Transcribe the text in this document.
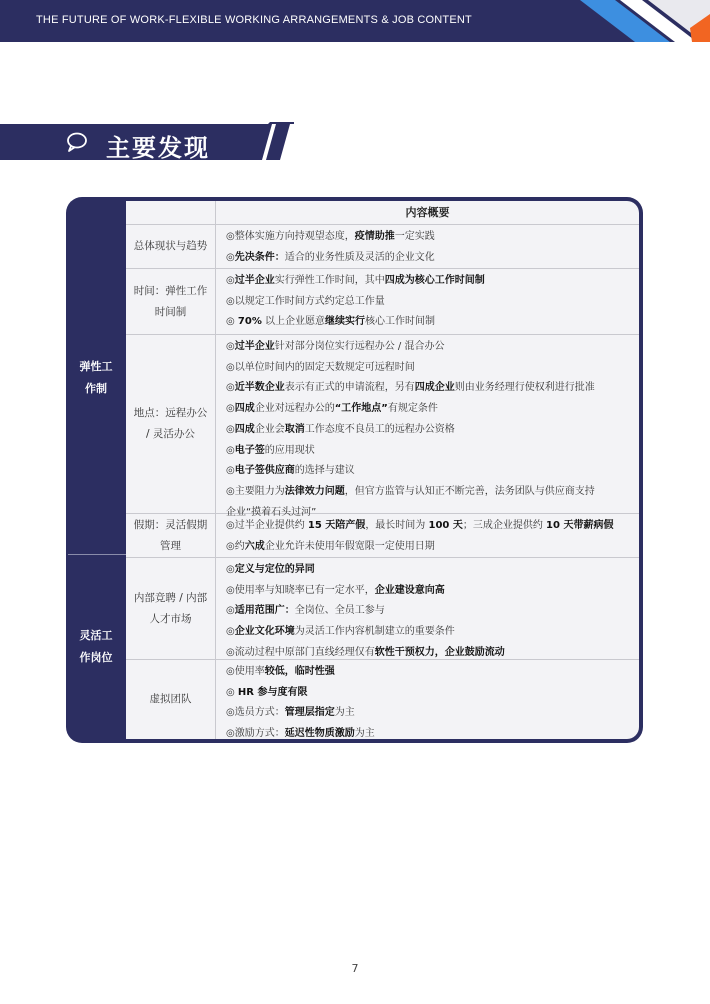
THE FUTURE OF WORK-FLEXIBLE WORKING ARRANGEMENTS & JOB CONTENT
主要发现
弹性工
作制
灵活工
作岗位
内容概要
总体现状与趋势
◎整体实施方向持观望态度，疫情助推一定实践
◎先决条件：适合的业务性质及灵活的企业文化
时间：弹性工作时间制
◎过半企业实行弹性工作时间，其中四成为核心工作时间制
◎以规定工作时间方式约定总工作量
◎ 70% 以上企业愿意继续实行核心工作时间制
地点：远程办公 / 灵活办公
◎过半企业针对部分岗位实行远程办公 / 混合办公
◎以单位时间内的固定天数规定可远程时间
◎近半数企业表示有正式的申请流程，另有四成企业则由业务经理行使权利进行批准
◎四成企业对远程办公的“工作地点”有规定条件
◎四成企业会取消工作态度不良员工的远程办公资格
◎电子签的应用现状
◎电子签供应商的选择与建议
◎主要阻力为法律效力问题，但官方监管与认知正不断完善，法务团队与供应商支持
企业“摸着石头过河”
假期：灵活假期管理
◎过半企业提供约 15 天陪产假，最长时间为 100 天；三成企业提供约 10 天带薪病假
◎约六成企业允许未使用年假宽限一定使用日期
内部竞聘 / 内部人才市场
◎定义与定位的异同
◎使用率与知晓率已有一定水平，企业建设意向高
◎适用范围广：全岗位、全员工参与
◎企业文化环境为灵活工作内容机制建立的重要条件
◎流动过程中原部门直线经理仅有软性干预权力，企业鼓励流动
虚拟团队
◎使用率较低，临时性强
◎ HR 参与度有限
◎选员方式：管理层指定为主
◎激励方式：延迟性物质激励为主
7
